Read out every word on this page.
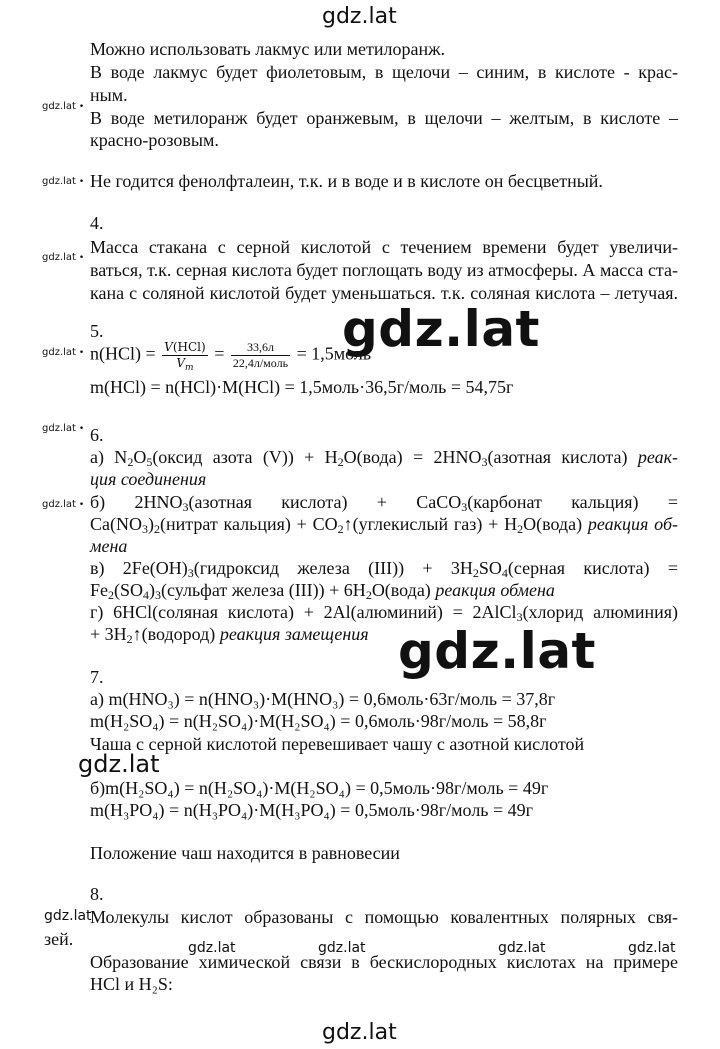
gdz.lat
gdz.lat •
gdz.lat •
gdz.lat •
gdz.lat •
gdz.lat •
gdz.lat •
gdz.lat
gdz.lat
gdz.lat
gdz.lat
gdz.lat	gdz.lat	gdz.lat	gdz.lat
gdz.lat
Можно использовать лакмус или метилоранж.
В воде лакмус будет фиолетовым, в щелочи – синим, в кислоте - крас-
ным.
В воде метилоранж будет оранжевым, в щелочи – желтым, в кислоте –
красно-розовым.
Не годится фенолфталеин, т.к. и в воде и в кислоте он бесцветный.
4.
Масса стакана с серной кислотой с течением времени будет увеличи-
ваться, т.к. серная кислота будет поглощать воду из атмосферы. А масса ста-
кана с соляной кислотой будет уменьшаться. т.к. соляная кислота – летучая.
5.
$n(HCl) = \frac{\text{V(HCl)}}{V_m} = \frac{33,6л}{\text{22,4л/моль}}$ = 1,5моль
m(HCl) = n(HCl)·M(HCl) = 1,5моль·36,5г/моль = 54,75г
6.
а) $N_2O_5(оксид$ азота $(V)) + H_2O(вода)$ = $2HNO_3(азотная$ кислота) реак-
ция соединения
б) $2HNO_3(азотная$ кислота) + CaCO$_3$(карбонат кальция) =
$Ca(NO_3)_2(нитрат$ кальция) + $CO_2↑(углекислый$ $газ) + H_2O(вода)$ реакция об-
мена
в) $2Fe(OH)_3(гидроксид$ железа $(III)) + 3H_2SO_4(серная$ кислота) =
$Fe_2(SO_4)_3(сульфат$ железа $(III)) + 6H_2O(вода)$ реакция обмена
г) 6HCl(соляная кислота) + 2Al(алюминий) = 2AlCl$_3$(хлорид алюминия)
+ $3H_2↑(водород)$ реакция замещения
7.
а) m(HNO₃) = n(HNO₃)·M(HNO₃) = 0,6моль·63г/моль = 37,8г
m(H₂SO₄) = n(H₂SO₄)·M(H₂SO₄) = 0,6моль·98г/моль = 58,8г
Чаша с серной кислотой перевешивает чашу с азотной кислотой
б)m(H₂SO₄) = n(H₂SO₄)·M(H₂SO₄) = 0,5моль·98г/моль = 49г
m(H₃PO₄) = n(H₃PO₄)·M(H₃PO₄) = 0,5моль·98г/моль = 49г
Положение чаш находится в равновесии
8.
Молекулы кислот образованы с помощью ковалентных полярных свя-
зей.
Образование химической связи в бескислородных кислотах на примере
HCl и H₂S:
